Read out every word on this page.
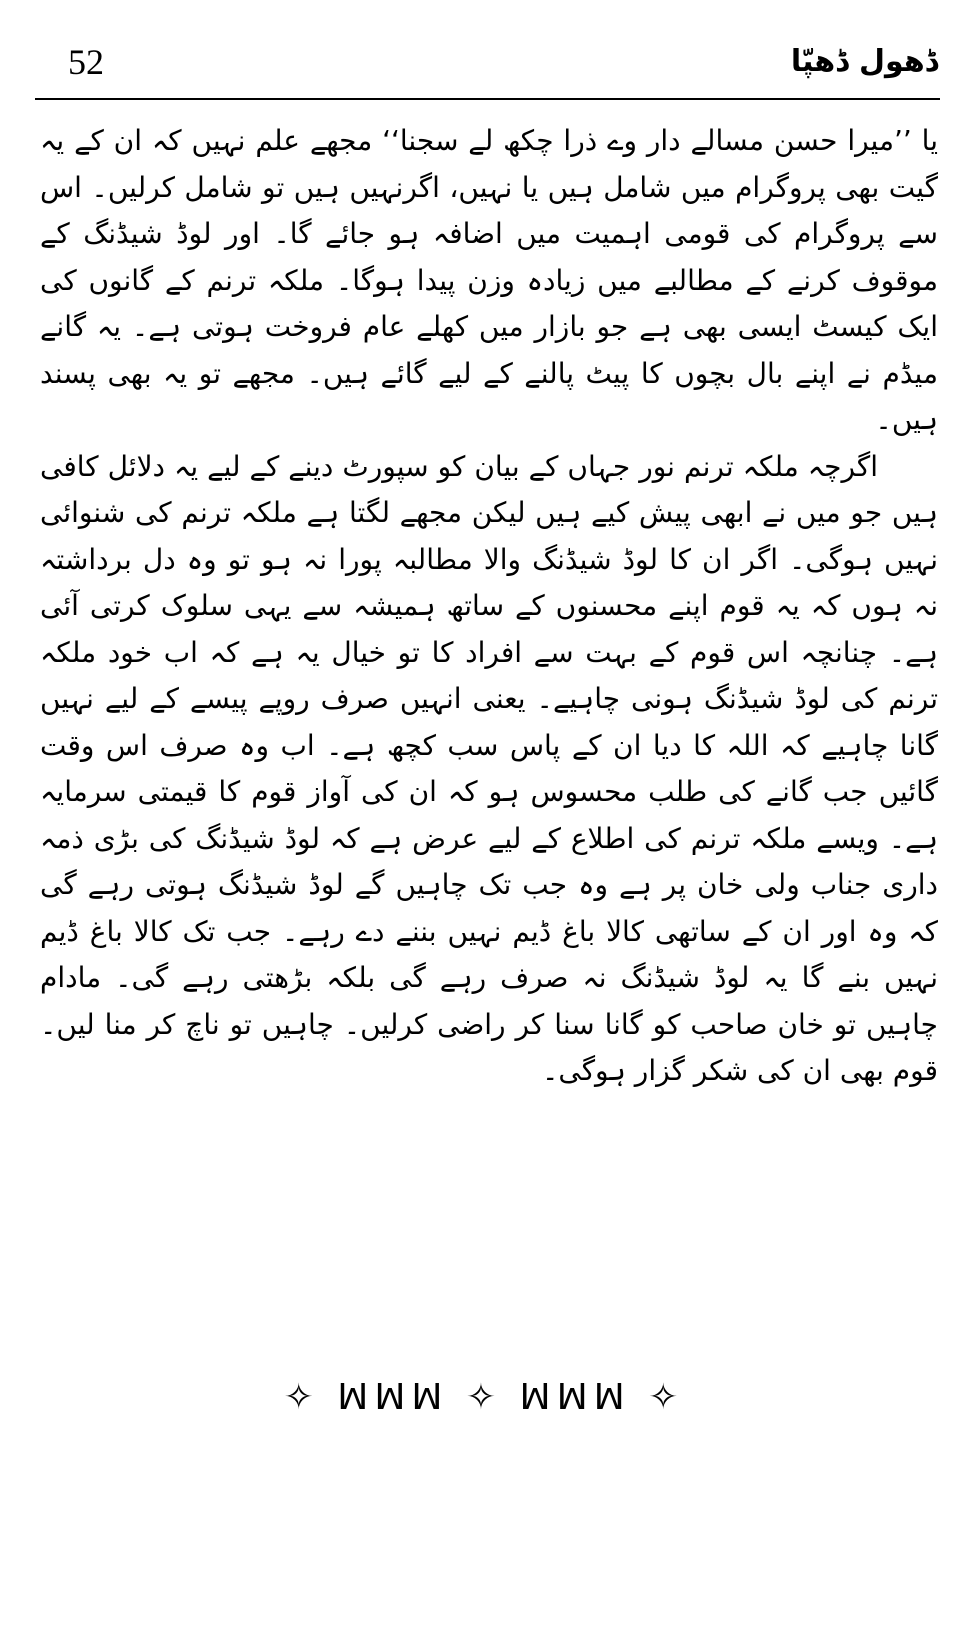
52	ڈھول ڈھپّا

یا ’’میرا حسن مسالے دار وے ذرا چکھ لے سجنا‘‘ مجھے علم نہیں کہ ان کے یہ گیت بھی پروگرام میں شامل ہیں یا نہیں، اگرنہیں ہیں تو شامل کرلیں۔ اس سے پروگرام کی قومی اہمیت میں اضافہ ہو جائے گا۔ اور لوڈ شیڈنگ کے موقوف کرنے کے مطالبے میں زیادہ وزن پیدا ہوگا۔ ملکہ ترنم کے گانوں کی ایک کیسٹ ایسی بھی ہے جو بازار میں کھلے عام فروخت ہوتی ہے۔ یہ گانے میڈم نے اپنے بال بچوں کا پیٹ پالنے کے لیے گائے ہیں۔ مجھے تو یہ بھی پسند ہیں۔

اگرچہ ملکہ ترنم نور جہاں کے بیان کو سپورٹ دینے کے لیے یہ دلائل کافی ہیں جو میں نے ابھی پیش کیے ہیں لیکن مجھے لگتا ہے ملکہ ترنم کی شنوائی نہیں ہوگی۔ اگر ان کا لوڈ شیڈنگ والا مطالبہ پورا نہ ہو تو وہ دل برداشتہ نہ ہوں کہ یہ قوم اپنے محسنوں کے ساتھ ہمیشہ سے یہی سلوک کرتی آئی ہے۔ چنانچہ اس قوم کے بہت سے افراد کا تو خیال یہ ہے کہ اب خود ملکہ ترنم کی لوڈ شیڈنگ ہونی چاہیے۔ یعنی انہیں صرف روپے پیسے کے لیے نہیں گانا چاہیے کہ اللہ کا دیا ان کے پاس سب کچھ ہے۔ اب وہ صرف اس وقت گائیں جب گانے کی طلب محسوس ہو کہ ان کی آواز قوم کا قیمتی سرمایہ ہے۔ ویسے ملکہ ترنم کی اطلاع کے لیے عرض ہے کہ لوڈ شیڈنگ کی بڑی ذمہ داری جناب ولی خان پر ہے وہ جب تک چاہیں گے لوڈ شیڈنگ ہوتی رہے گی کہ وہ اور ان کے ساتھی کالا باغ ڈیم نہیں بننے دے رہے۔ جب تک کالا باغ ڈیم نہیں بنے گا یہ لوڈ شیڈنگ نہ صرف رہے گی بلکہ بڑھتی رہے گی۔ مادام چاہیں تو خان صاحب کو گانا سنا کر راضی کرلیں۔ چاہیں تو ناچ کر منا لیں۔ قوم بھی ان کی شکر گزار ہوگی۔

✧ ꟽꟽꟽ ✧ ꟽꟽꟽ ✧
